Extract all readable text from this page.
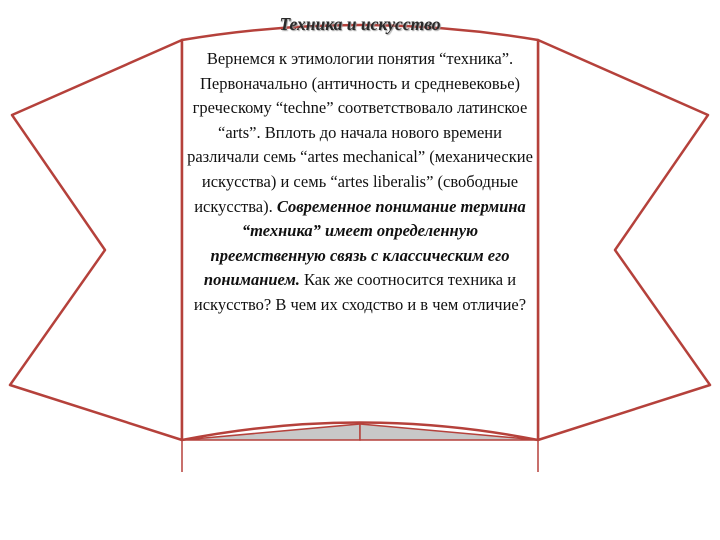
Техника и искусство
Вернемся к этимологии понятия “техника”. Первоначально (античность и средневековье) греческому “techne” соответствовало латинское “arts”. Вплоть до начала нового времени различали семь “artes mechanical” (механические искусства) и семь “artes liberalis” (свободные искусства). Современное понимание термина “техника” имеет определенную преемственную связь с классическим его пониманием. Как же соотносится техника и искусство? В чем их сходство и в чем отличие?
